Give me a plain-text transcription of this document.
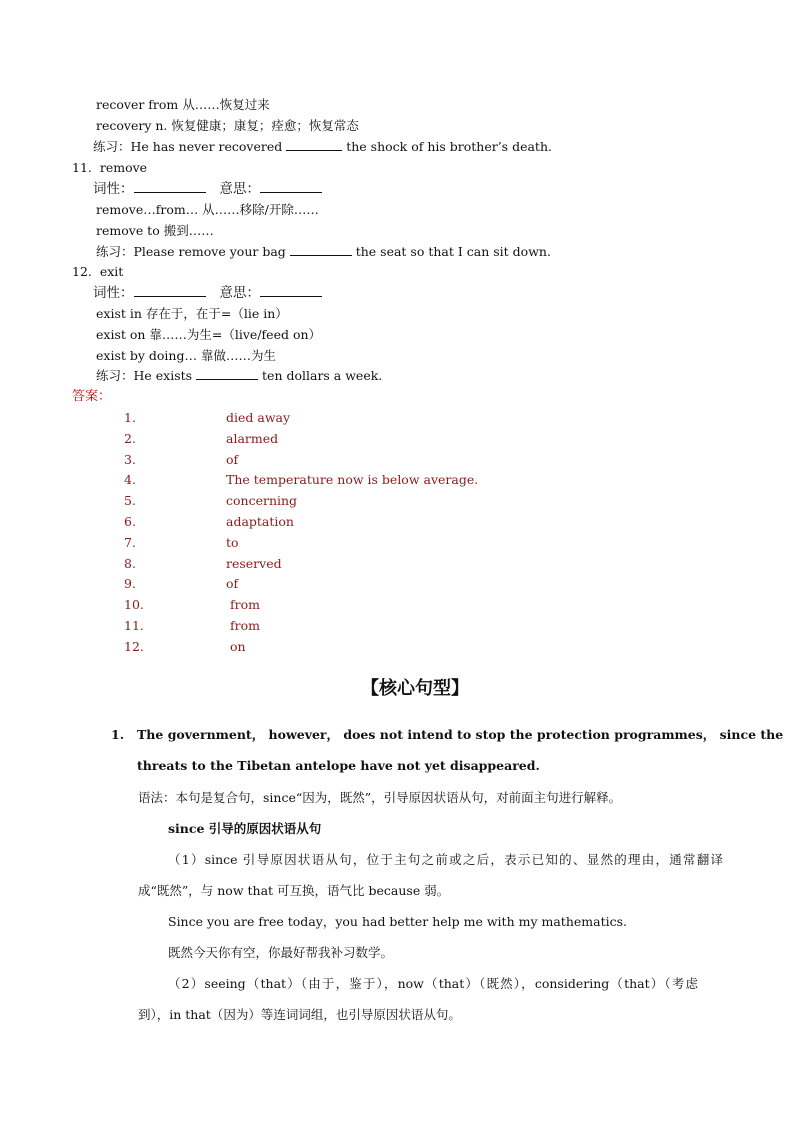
recover from 从……恢复过来
recovery n. 恢复健康；康复；痊愈；恢复常态
练习：He has never recovered	the shock of his brother’s death.
11. remove
词性：	意思：
remove…from… 从……移除/开除……
remove to 搬到……
练习：Please remove your bag	the seat so that I can sit down.
12. exit
词性：	意思：
exist in 存在于，在于=（lie in）
exist on 靠……为生=（live/feed on）
exist by doing… 靠做……为生
练习：He exists	ten dollars a week.
答案：
1.	died away
2.	alarmed
3.	of
4.	The temperature now is below average.
5.	concerning
6.	adaptation
7.	to
8.	reserved
9.	of
10.	from
11.	from
12.	on
【核心句型】
1. The government， however， does not intend to stop the protection programmes， since the
threats to the Tibetan antelope have not yet disappeared.
语法：本句是复合句，since“因为，既然”，引导原因状语从句，对前面主句进行解释。
since 引导的原因状语从句
（1）since 引导原因状语从句，位于主句之前或之后，表示已知的、显然的理由，通常翻译
成“既然”，与 now that 可互换，语气比 because 弱。
Since you are free today，you had better help me with my mathematics.
既然今天你有空，你最好帮我补习数学。
（2）seeing（that）（由于，鉴于），now（that）（既然），considering（that）（考虑
到），in that（因为）等连词词组，也引导原因状语从句。
